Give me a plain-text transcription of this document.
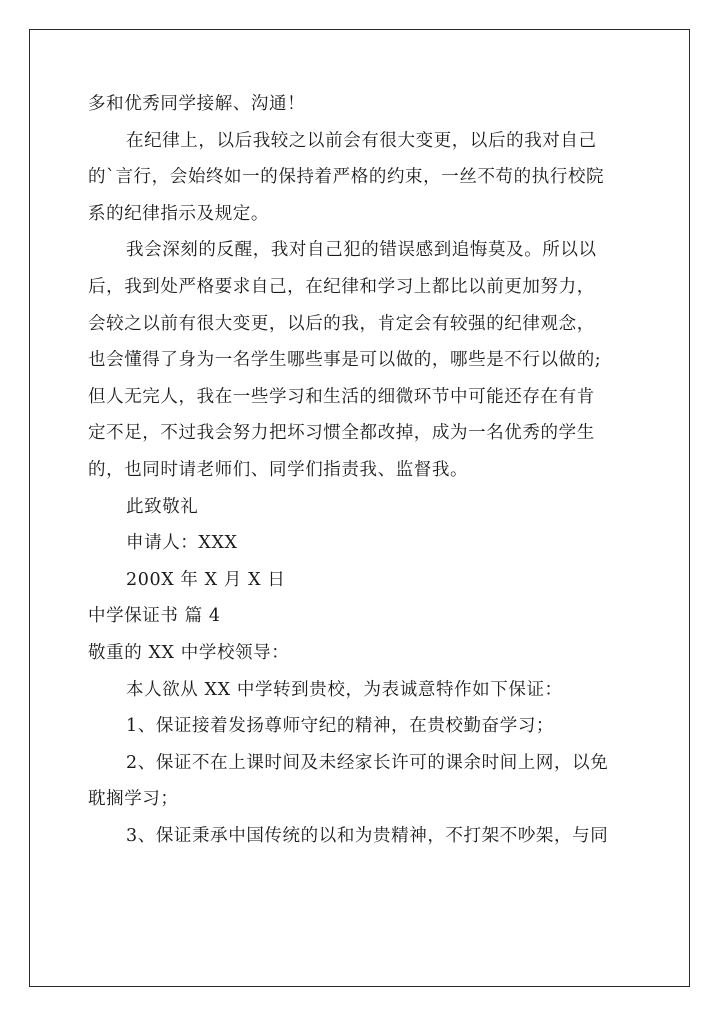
多和优秀同学接解、沟通！
在纪律上，以后我较之以前会有很大变更，以后的我对自己
的`言行，会始终如一的保持着严格的约束，一丝不苟的执行校院
系的纪律指示及规定。
我会深刻的反醒，我对自己犯的错误感到追悔莫及。所以以
后，我到处严格要求自己，在纪律和学习上都比以前更加努力，
会较之以前有很大变更，以后的我，肯定会有较强的纪律观念，
也会懂得了身为一名学生哪些事是可以做的，哪些是不行以做的;
但人无完人，我在一些学习和生活的细微环节中可能还存在有肯
定不足，不过我会努力把坏习惯全都改掉，成为一名优秀的学生
的，也同时请老师们、同学们指责我、监督我。
此致敬礼
申请人：XXX
200X 年 X 月 X 日
中学保证书 篇 4
敬重的 XX 中学校领导：
本人欲从 XX 中学转到贵校，为表诚意特作如下保证：
1、保证接着发扬尊师守纪的精神，在贵校勤奋学习；
2、保证不在上课时间及未经家长许可的课余时间上网，以免
耽搁学习；
3、保证秉承中国传统的以和为贵精神，不打架不吵架，与同
